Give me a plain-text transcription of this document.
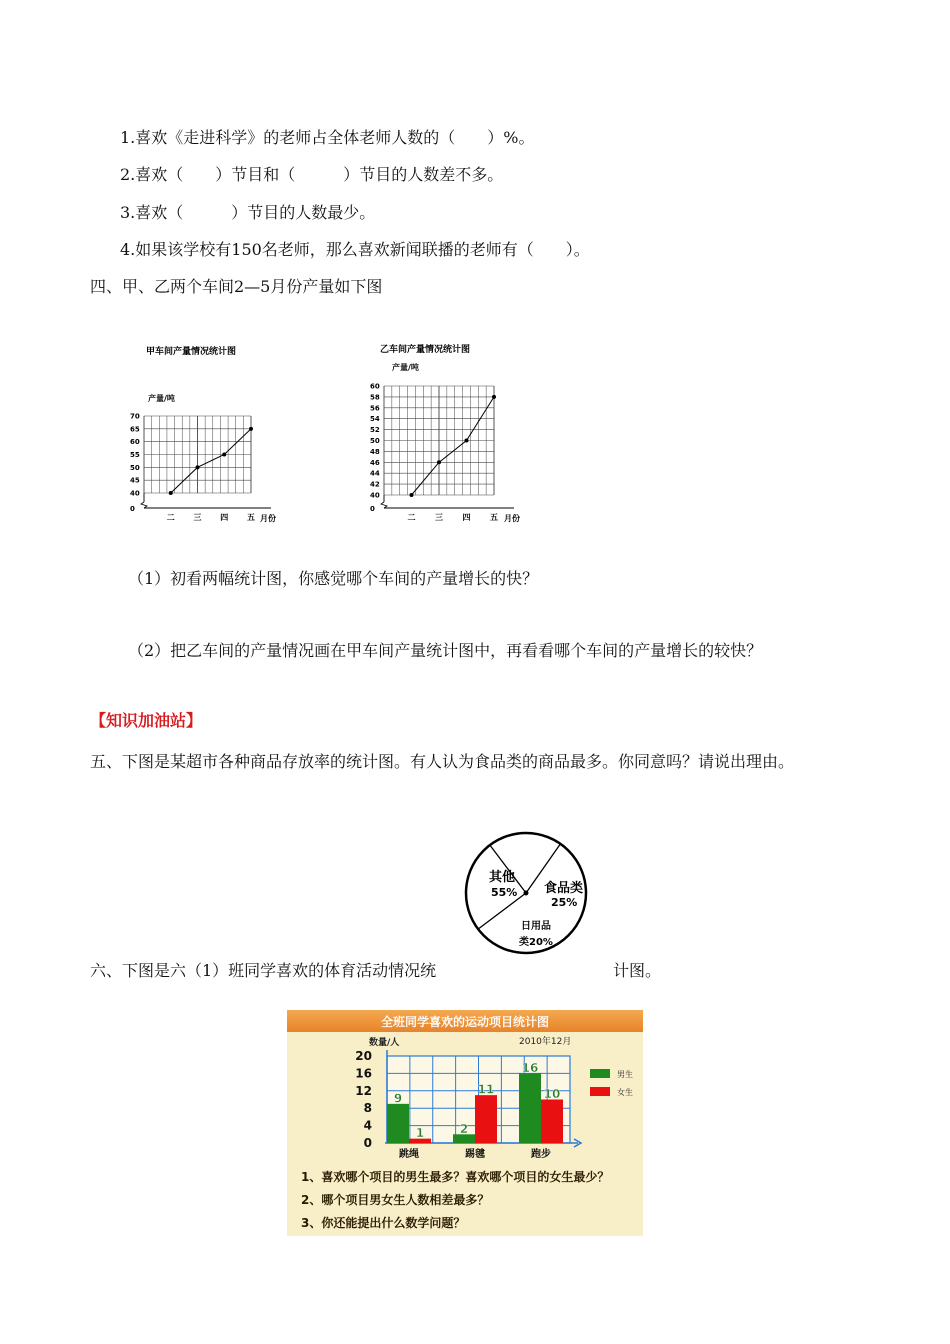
1.喜欢《走进科学》的老师占全体老师人数的（　　）%。
2.喜欢（　　）节目和（　　　）节目的人数差不多。
3.喜欢（　　　）节目的人数最少。
4.如果该学校有150名老师，那么喜欢新闻联播的老师有（　　）。
四、甲、乙两个车间2—5月份产量如下图
甲车间产量情况统计图
产量/吨
0
40
45
50
55
60
65
70
二 三 四 五 月份
乙车间产量情况统计图
产量/吨
0
40
42
44
46
48
50
52
54
56
58
60
二 三 四 五 月份
（1）初看两幅统计图，你感觉哪个车间的产量增长的快？
（2）把乙车间的产量情况画在甲车间产量统计图中，再看看哪个车间的产量增长的较快？
【知识加油站】
五、下图是某超市各种商品存放率的统计图。有人认为食品类的商品最多。你同意吗？请说出理由。
其他
55% 食品类
25%
日用品
类20%
六、下图是六（1）班同学喜欢的体育活动情况统	计图。
全班同学喜欢的运动项目统计图
数量/人	2010年12月
9
1	2
11
16
10
0
4
8
12
16
20
跳绳	踢毽	跑步
男生
女生
1、喜欢哪个项目的男生最多？喜欢哪个项目的女生最少？
2、哪个项目男女生人数相差最多？
3、你还能提出什么数学问题？
